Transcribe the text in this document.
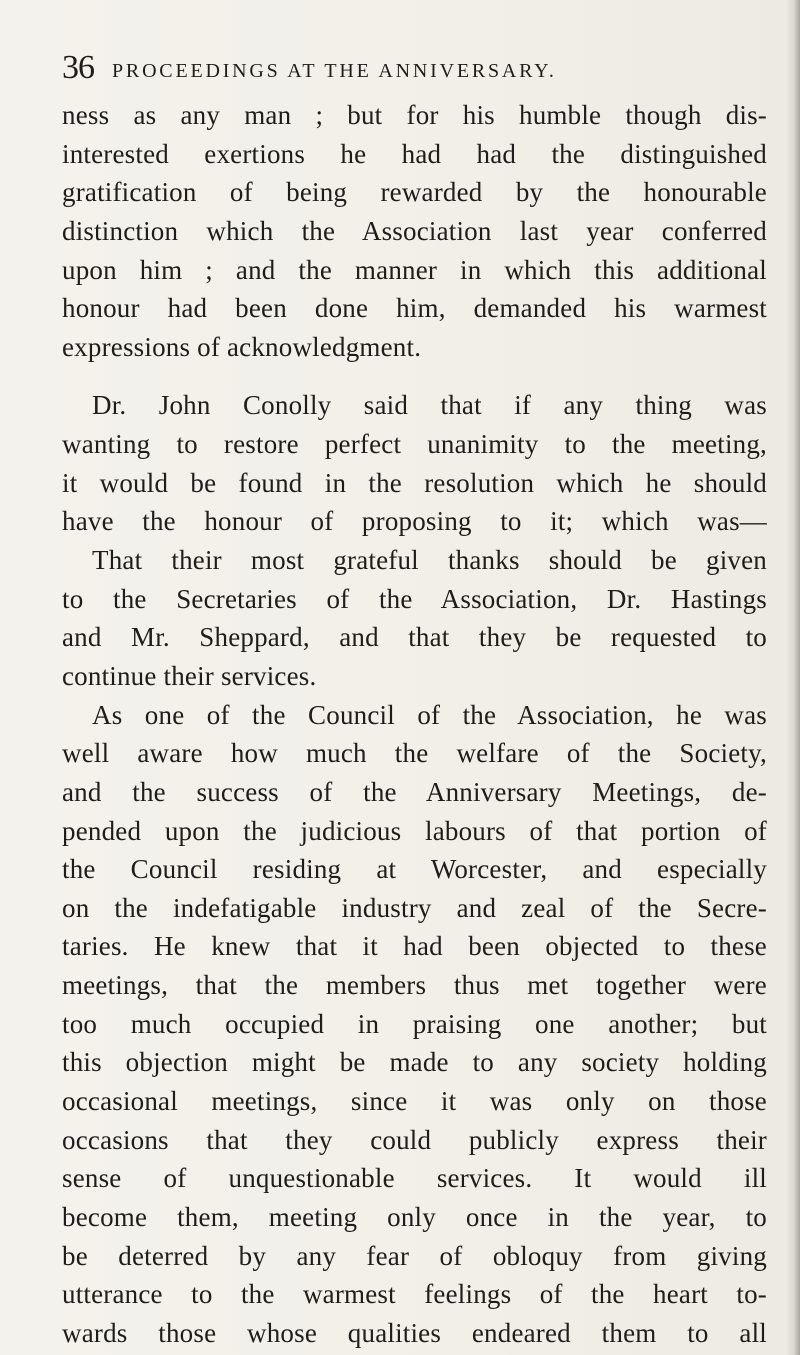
36 PROCEEDINGS AT THE ANNIVERSARY.
ness as any man ; but for his humble though dis-
interested exertions he had had the distinguished
gratification of being rewarded by the honourable
distinction which the Association last year conferred
upon him ; and the manner in which this additional
honour had been done him, demanded his warmest
expressions of acknowledgment.
Dr. John Conolly said that if any thing was
wanting to restore perfect unanimity to the meeting,
it would be found in the resolution which he should
have the honour of proposing to it; which was—
That their most grateful thanks should be given
to the Secretaries of the Association, Dr. Hastings
and Mr. Sheppard, and that they be requested to
continue their services.
As one of the Council of the Association, he was
well aware how much the welfare of the Society,
and the success of the Anniversary Meetings, de-
pended upon the judicious labours of that portion of
the Council residing at Worcester, and especially
on the indefatigable industry and zeal of the Secre-
taries. He knew that it had been objected to these
meetings, that the members thus met together were
too much occupied in praising one another; but
this objection might be made to any society holding
occasional meetings, since it was only on those
occasions that they could publicly express their
sense of unquestionable services. It would ill
become them, meeting only once in the year, to
be deterred by any fear of obloquy from giving
utterance to the warmest feelings of the heart to-
wards those whose qualities endeared them to all
